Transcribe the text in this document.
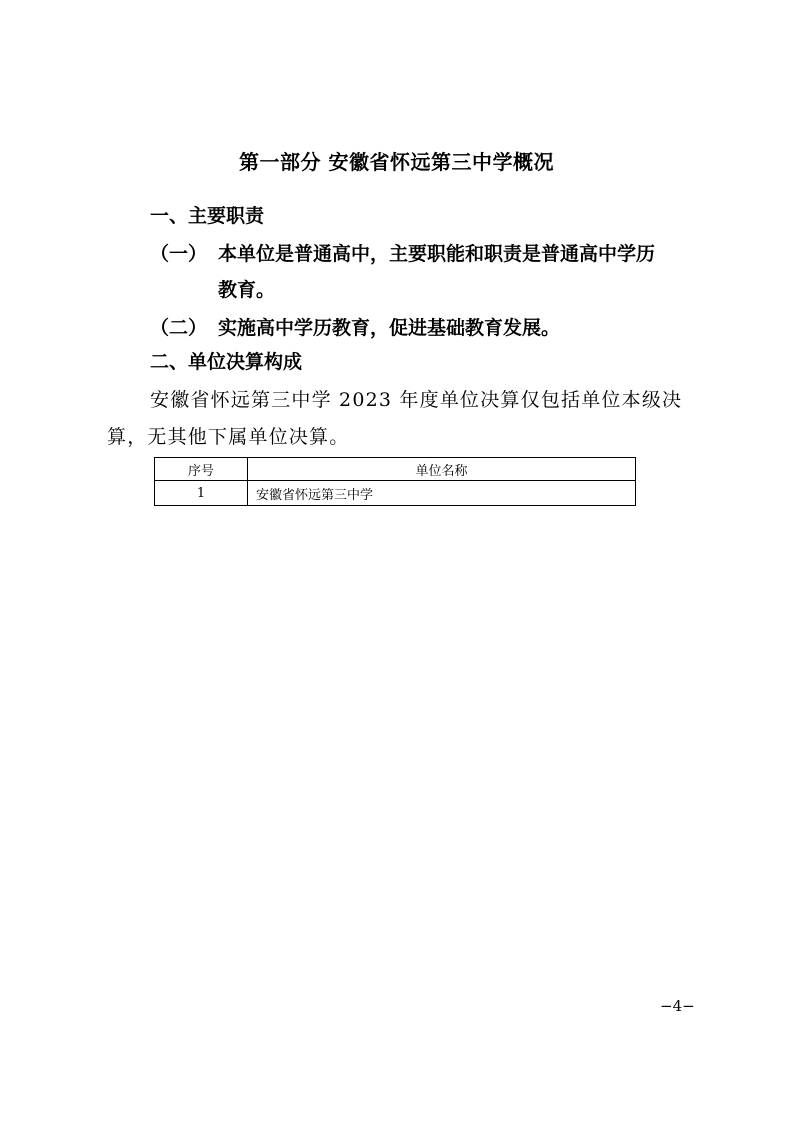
第一部分 安徽省怀远第三中学概况
一、主要职责
（一） 本单位是普通高中，主要职能和职责是普通高中学历
教育。
（二） 实施高中学历教育，促进基础教育发展。
二、单位决算构成
安徽省怀远第三中学 2023 年度单位决算仅包括单位本级决
算，无其他下属单位决算。
序号	单位名称
1	安徽省怀远第三中学
−4−
